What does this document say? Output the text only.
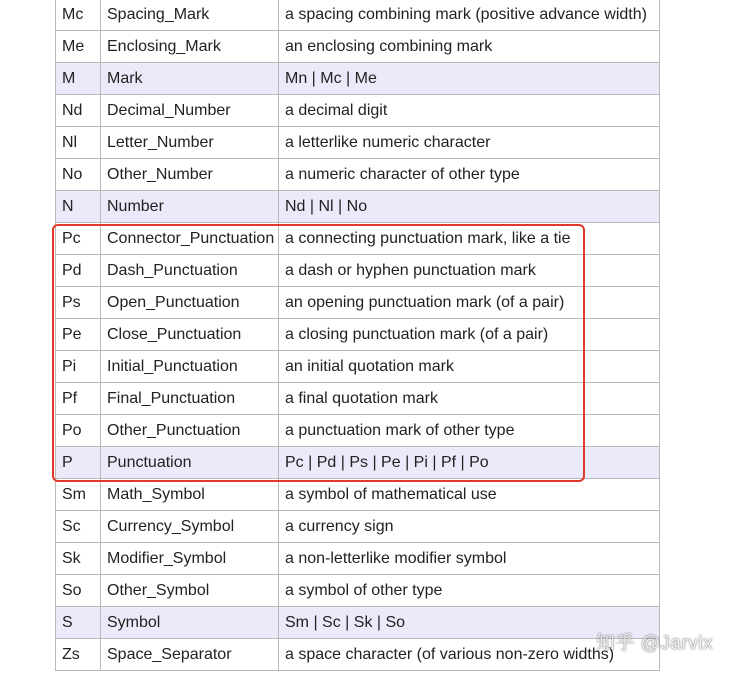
Mc	Spacing_Mark	a spacing combining mark (positive advance width)
Me	Enclosing_Mark	an enclosing combining mark
M	Mark	Mn | Mc | Me
Nd	Decimal_Number	a decimal digit
Nl	Letter_Number	a letterlike numeric character
No	Other_Number	a numeric character of other type
N	Number	Nd | Nl | No
Pc	Connector_Punctuation	a connecting punctuation mark, like a tie
Pd	Dash_Punctuation	a dash or hyphen punctuation mark
Ps	Open_Punctuation	an opening punctuation mark (of a pair)
Pe	Close_Punctuation	a closing punctuation mark (of a pair)
Pi	Initial_Punctuation	an initial quotation mark
Pf	Final_Punctuation	a final quotation mark
Po	Other_Punctuation	a punctuation mark of other type
P	Punctuation	Pc | Pd | Ps | Pe | Pi | Pf | Po
Sm	Math_Symbol	a symbol of mathematical use
Sc	Currency_Symbol	a currency sign
Sk	Modifier_Symbol	a non-letterlike modifier symbol
So	Other_Symbol	a symbol of other type
S	Symbol	Sm | Sc | Sk | So
Zs	Space_Separator	a space character (of various non-zero widths)
知乎 @Jarvix
